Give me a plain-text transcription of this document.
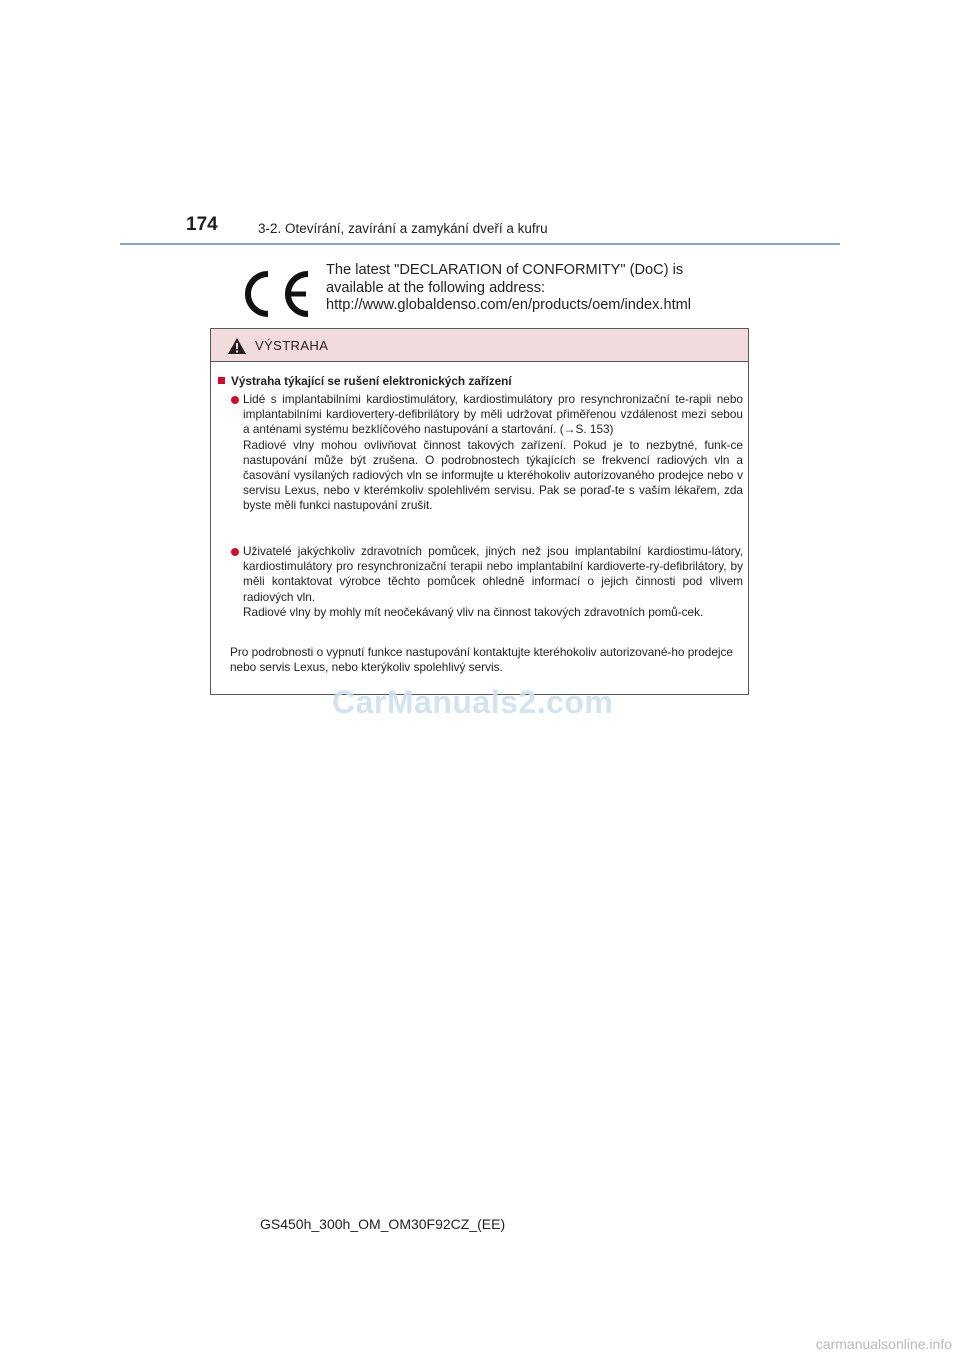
174	3-2. Otevírání, zavírání a zamykání dveří a kufru
The latest "DECLARATION of CONFORMITY" (DoC) is
available at the following address:
http://www.globaldenso.com/en/products/oem/index.html
VÝSTRAHA
Výstraha týkající se rušení elektronických zařízení

Lidé s implantabilními kardiostimulátory, kardiostimulátory pro resynchronizační te-rapii nebo implantabilními kardiovertery-defibrilátory by měli udržovat přiměřenou vzdálenost mezi sebou a anténami systému bezklíčového nastupování a startování. (→S. 153)

Radiové vlny mohou ovlivňovat činnost takových zařízení. Pokud je to nezbytné, funk-ce nastupování může být zrušena. O podrobnostech týkajících se frekvencí radiových vln a časování vysílaných radiových vln se informujte u kteréhokoliv autorizovaného prodejce nebo v servisu Lexus, nebo v kterémkoliv spolehlivém servisu. Pak se poraď-te s vaším lékařem, zda byste měli funkci nastupování zrušit.

Uživatelé jakýchkoliv zdravotních pomůcek, jiných než jsou implantabilní kardiostimu-látory, kardiostimulátory pro resynchronizační terapii nebo implantabilní kardioverte-ry-defibrilátory, by měli kontaktovat výrobce těchto pomůcek ohledně informací o jejich činnosti pod vlivem radiových vln.

Radiové vlny by mohly mít neočekávaný vliv na činnost takových zdravotních pomů-cek.

Pro podrobnosti o vypnutí funkce nastupování kontaktujte kteréhokoliv autorizované-ho prodejce nebo servis Lexus, nebo kterýkoliv spolehlivý servis.

CarManuals2.com
GS450h_300h_OM_OM30F92CZ_(EE)
carmanualsonline.info
